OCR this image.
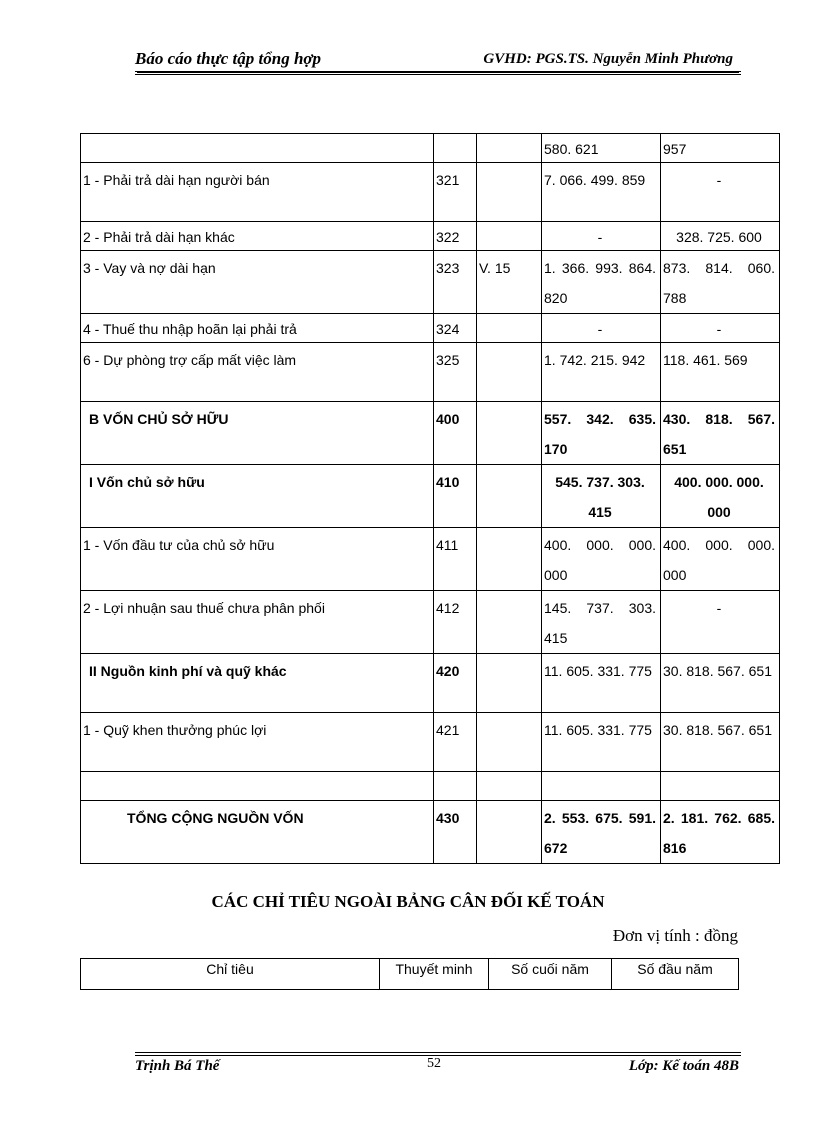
Báo cáo thực tập tổng hợp	GVHD: PGS.TS. Nguyễn Minh Phương
			580. 621	957
1 - Phải trả dài hạn người bán	321		7. 066. 499. 859	-
2 - Phải trả dài hạn khác	322		-	328. 725. 600
3 - Vay và nợ dài hạn	323	V. 15	1. 366. 993. 864. 820	873. 814. 060. 788
4 - Thuế thu nhập hoãn lại phải trả	324		-	-
6 - Dự phòng trợ cấp mất việc làm	325		1. 742. 215. 942	118. 461. 569
B VỐN CHỦ SỞ HỮU	400		557. 342. 635. 170	430. 818. 567. 651
I Vốn chủ sở hữu	410		545. 737. 303. 415	400. 000. 000. 000
1 - Vốn đầu tư của chủ sở hữu	411		400. 000. 000. 000	400. 000. 000. 000
2 - Lợi nhuận sau thuế chưa phân phối	412		145. 737. 303. 415	-
II Nguồn kinh phí và quỹ khác	420		11. 605. 331. 775	30. 818. 567. 651
1 - Quỹ khen thưởng phúc lợi	421		11. 605. 331. 775	30. 818. 567. 651

TỔNG CỘNG NGUỒN VỐN	430		2. 553. 675. 591. 672	2. 181. 762. 685. 816
CÁC CHỈ TIÊU NGOÀI BẢNG CÂN ĐỐI KẾ TOÁN
Đơn vị tính : đồng
Chỉ tiêu	Thuyết minh	Số cuối năm	Số đầu năm
Trịnh Bá Thế	52	Lớp: Kế toán 48B
